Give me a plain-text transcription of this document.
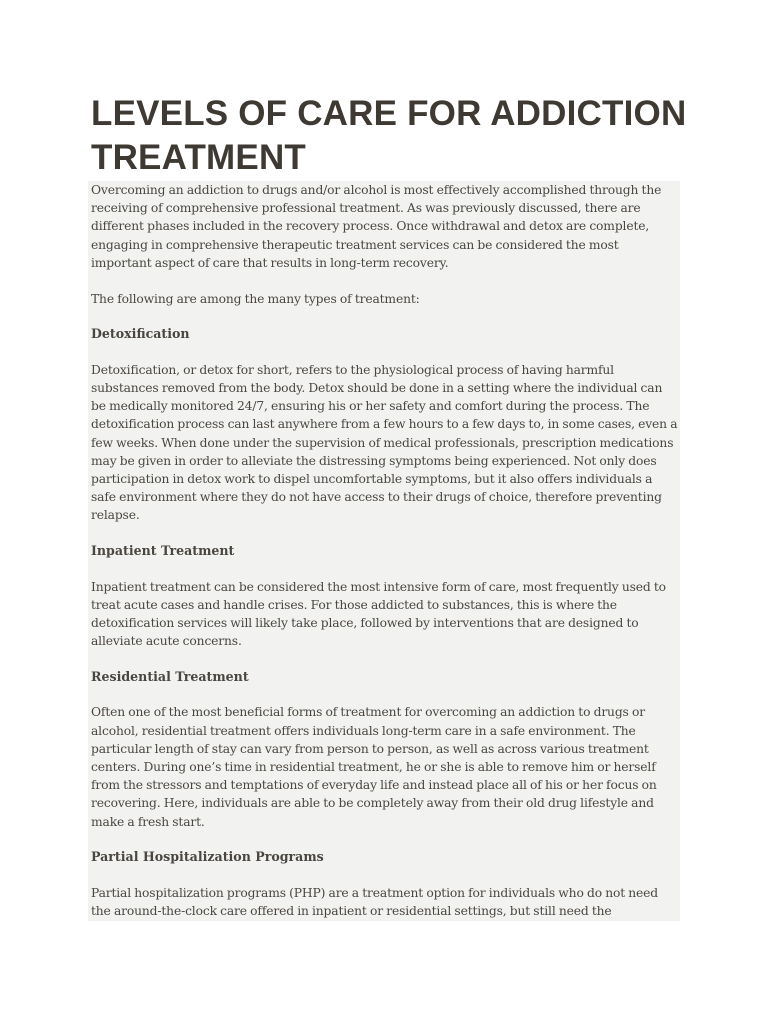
LEVELS OF CARE FOR ADDICTION TREATMENT

Overcoming an addiction to drugs and/or alcohol is most effectively accomplished through the receiving of comprehensive professional treatment. As was previously discussed, there are different phases included in the recovery process. Once withdrawal and detox are complete, engaging in comprehensive therapeutic treatment services can be considered the most important aspect of care that results in long-term recovery.

The following are among the many types of treatment:

Detoxification

Detoxification, or detox for short, refers to the physiological process of having harmful substances removed from the body. Detox should be done in a setting where the individual can be medically monitored 24/7, ensuring his or her safety and comfort during the process. The detoxification process can last anywhere from a few hours to a few days to, in some cases, even a few weeks. When done under the supervision of medical professionals, prescription medications may be given in order to alleviate the distressing symptoms being experienced. Not only does participation in detox work to dispel uncomfortable symptoms, but it also offers individuals a safe environment where they do not have access to their drugs of choice, therefore preventing relapse.

Inpatient Treatment

Inpatient treatment can be considered the most intensive form of care, most frequently used to treat acute cases and handle crises. For those addicted to substances, this is where the detoxification services will likely take place, followed by interventions that are designed to alleviate acute concerns.

Residential Treatment

Often one of the most beneficial forms of treatment for overcoming an addiction to drugs or alcohol, residential treatment offers individuals long-term care in a safe environment. The particular length of stay can vary from person to person, as well as across various treatment centers. During one’s time in residential treatment, he or she is able to remove him or herself from the stressors and temptations of everyday life and instead place all of his or her focus on recovering. Here, individuals are able to be completely away from their old drug lifestyle and make a fresh start.

Partial Hospitalization Programs

Partial hospitalization programs (PHP) are a treatment option for individuals who do not need the around-the-clock care offered in inpatient or residential settings, but still need the
